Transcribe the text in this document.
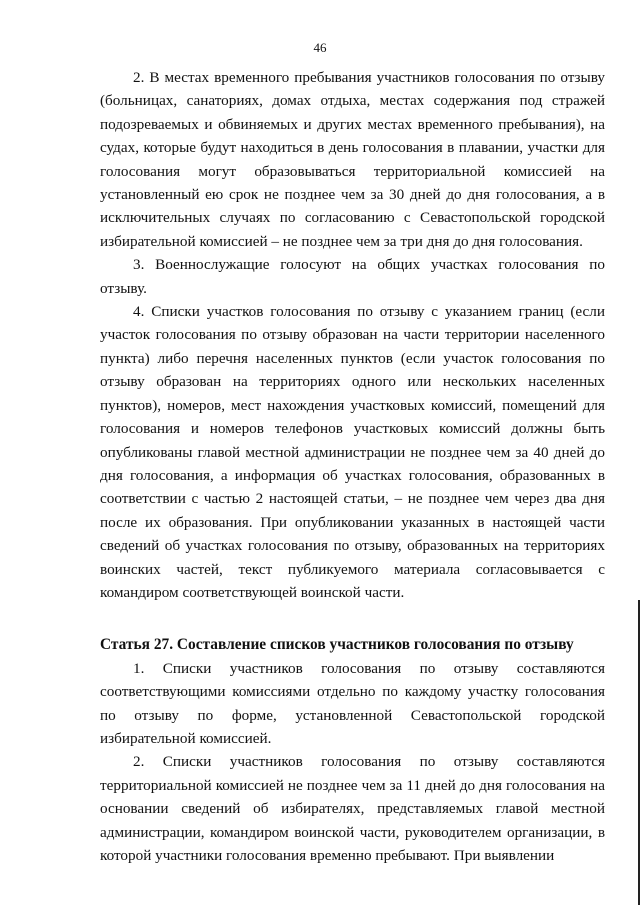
46

2. В местах временного пребывания участников голосования по отзыву (больницах, санаториях, домах отдыха, местах содержания под стражей подозреваемых и обвиняемых и других местах временного пребывания), на судах, которые будут находиться в день голосования в плавании, участки для голосования могут образовываться территориальной комиссией на установленный ею срок не позднее чем за 30 дней до дня голосования, а в исключительных случаях по согласованию с Севастопольской городской избирательной комиссией – не позднее чем за три дня до дня голосования.

3. Военнослужащие голосуют на общих участках голосования по отзыву.

4. Списки участков голосования по отзыву с указанием границ (если участок голосования по отзыву образован на части территории населенного пункта) либо перечня населенных пунктов (если участок голосования по отзыву образован на территориях одного или нескольких населенных пунктов), номеров, мест нахождения участковых комиссий, помещений для голосования и номеров телефонов участковых комиссий должны быть опубликованы главой местной администрации не позднее чем за 40 дней до дня голосования, а информация об участках голосования, образованных в соответствии с частью 2 настоящей статьи, – не позднее чем через два дня после их образования. При опубликовании указанных в настоящей части сведений об участках голосования по отзыву, образованных на территориях воинских частей, текст публикуемого материала согласовывается с командиром соответствующей воинской части.

Статья 27. Составление списков участников голосования по отзыву

1. Списки участников голосования по отзыву составляются соответствующими комиссиями отдельно по каждому участку голосования по отзыву по форме, установленной Севастопольской городской избирательной комиссией.

2. Списки участников голосования по отзыву составляются территориальной комиссией не позднее чем за 11 дней до дня голосования на основании сведений об избирателях, представляемых главой местной администрации, командиром воинской части, руководителем организации, в которой участники голосования временно пребывают. При выявлении
